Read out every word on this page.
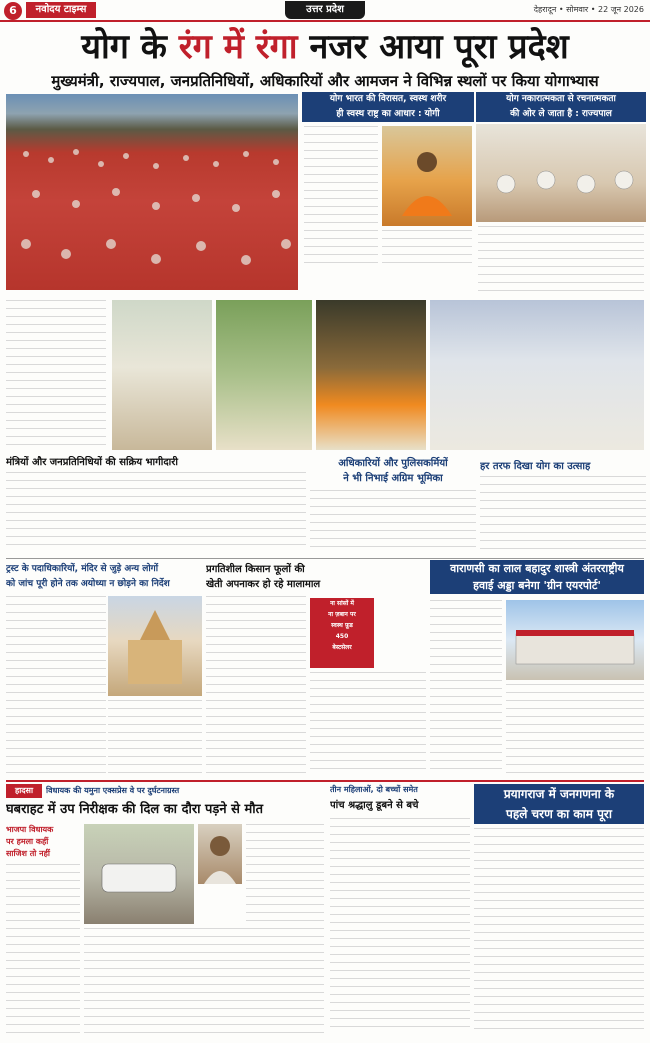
6	नवोदय टाइम्स	उत्तर प्रदेश	देहरादून • सोमवार • 22 जून 2026
योग के रंग में रंगा नजर आया पूरा प्रदेश
मुख्यमंत्री, राज्यपाल, जनप्रतिनिधियों, अधिकारियों और आमजन ने विभिन्न स्थलों पर किया योगाभ्यास

योग भारत की विरासत, स्वस्थ शरीर
ही स्वस्थ राष्ट्र का आधार : योगी
योग नकारात्मकता से रचनात्मकता
की ओर ले जाता है : राज्यपाल
मंत्रियों और जनप्रतिनिधियों की सक्रिय भागीदारी	अधिकारियों और पुलिसकर्मियों
ने भी निभाई अग्रिम भूमिका
हर तरफ दिखा योग का उत्साह
ट्रस्ट के पदाधिकारियों, मंदिर से जुड़े अन्य लोगों
को जांच पूरी होने तक अयोध्या न छोड़ने का निर्देश
प्रगतिशील किसान फूलों की
खेती अपनाकर हो रहे मालामाल
ना सांसों में
ना ज़बान पर
स्वस्थ फ़ूड
450
बेस्टसेलर
वाराणसी का लाल बहादुर शास्त्री अंतरराष्ट्रीय
हवाई अड्डा बनेगा 'ग्रीन एयरपोर्ट'
हादसा	विधायक की यमुना एक्सप्रेस वे पर दुर्घटनाग्रस्त
घबराहट में उप निरीक्षक की दिल का दौरा पड़ने से मौत
भाजपा विधायक
पर हमला कहीं
साजिश तो नहीं
तीन महिलाओं, दो बच्चों समेत
पांच श्रद्धालु डूबने से बचे
प्रयागराज में जनगणना के
पहले चरण का काम पूरा
